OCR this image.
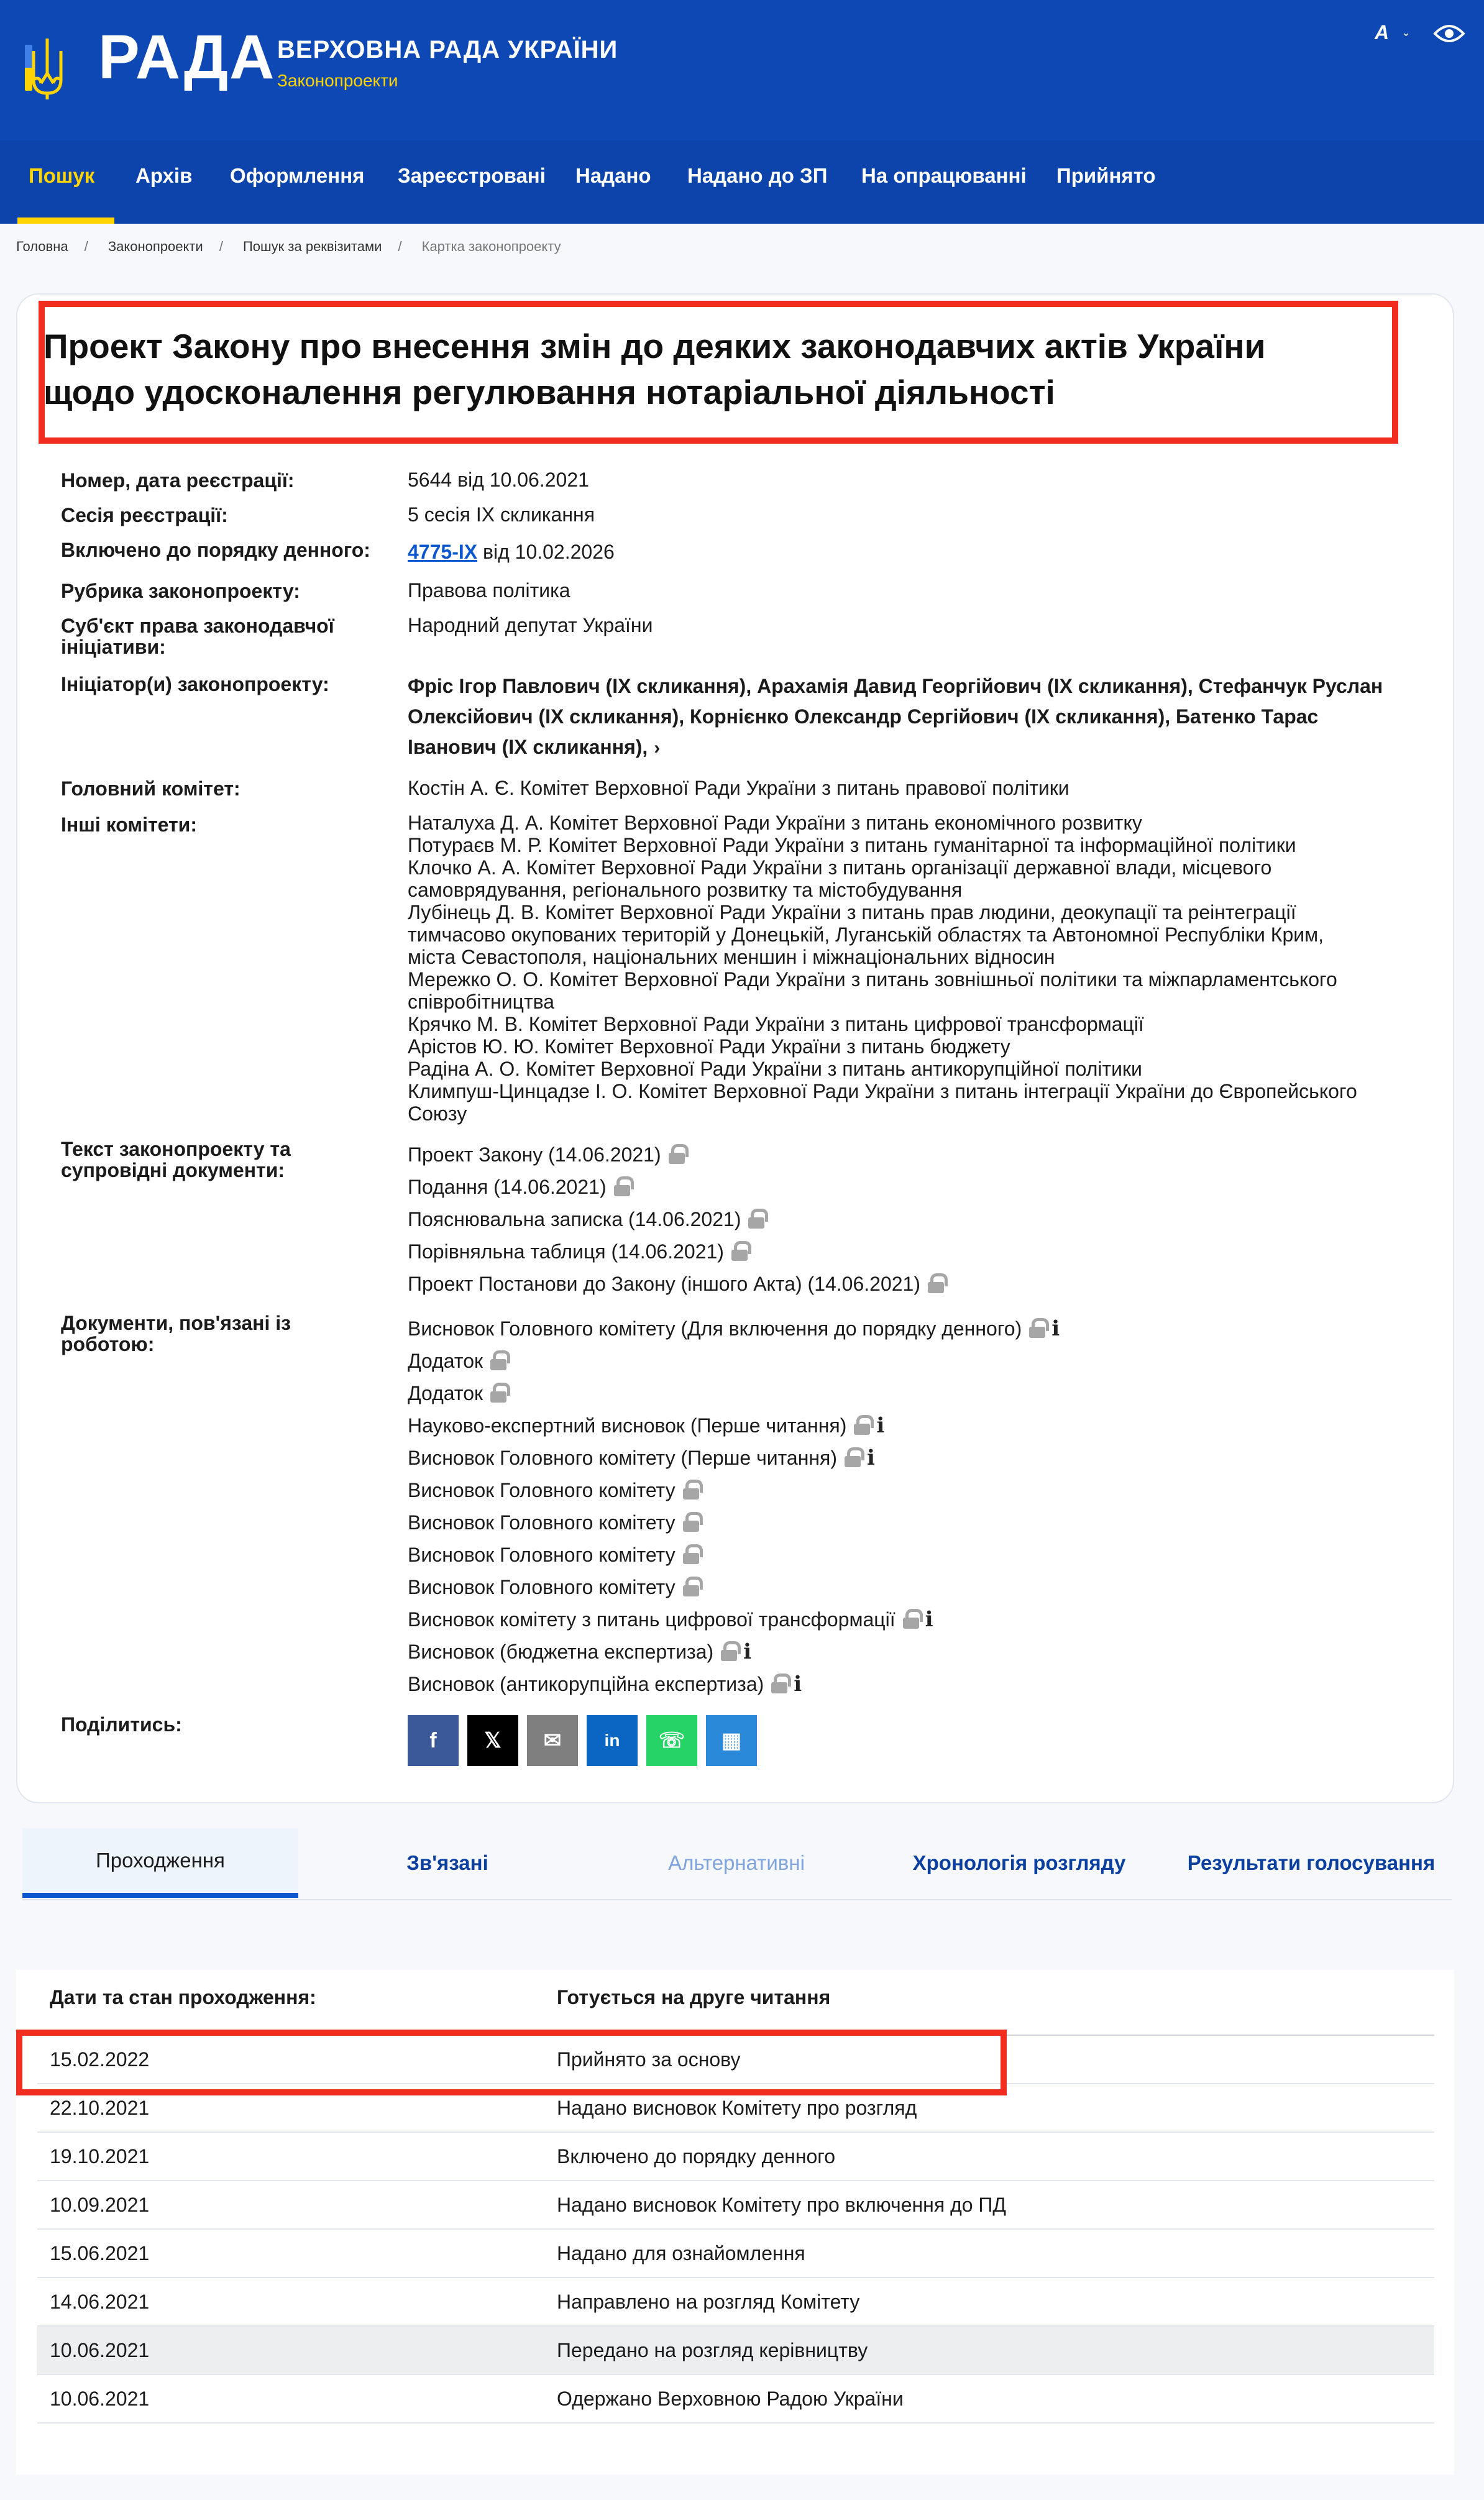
РАДА ВЕРХОВНА РАДА УКРАЇНИ
Законопроекти
A ⌄
Пошук Архів Оформлення Зареєстровані Надано Надано до ЗП На опрацюванні Прийнято
Головна / Законопроекти / Пошук за реквізитами / Картка законопроекту
Проект Закону про внесення змін до деяких законодавчих актів України щодо удосконалення регулювання нотаріальної діяльності
Номер, дата реєстрації:	5644 від 10.06.2021
Сесія реєстрації:	5 сесія IX скликання
Включено до порядку денного:	4775-IX від 10.02.2026
Рубрика законопроекту:	Правова політика
Суб'єкт права законодавчої ініціативи:
Народний депутат України
Ініціатор(и) законопроекту:	Фріс Ігор Павлович (IX скликання), Арахамія Давид Георгійович (IX скликання), Стефанчук Руслан Олексійович (IX скликання), Корнієнко Олександр Сергійович (IX скликання), Батенко Тарас Іванович (IX скликання), ›
Головний комітет:	Костін А. Є. Комітет Верховної Ради України з питань правової політики
Інші комітети:	Наталуха Д. А. Комітет Верховної Ради України з питань економічного розвитку
Потураєв М. Р. Комітет Верховної Ради України з питань гуманітарної та інформаційної політики
Клочко А. А. Комітет Верховної Ради України з питань організації державної влади, місцевого
самоврядування, регіонального розвитку та містобудування
Лубінець Д. В. Комітет Верховної Ради України з питань прав людини, деокупації та реінтеграції
тимчасово окупованих територій у Донецькій, Луганській областях та Автономної Республіки Крим,
міста Севастополя, національних меншин і міжнаціональних відносин
Мережко О. О. Комітет Верховної Ради України з питань зовнішньої політики та міжпарламентського
співробітництва
Крячко М. В. Комітет Верховної Ради України з питань цифрової трансформації
Арістов Ю. Ю. Комітет Верховної Ради України з питань бюджету
Радіна А. О. Комітет Верховної Ради України з питань антикорупційної політики
Климпуш-Цинцадзе І. О. Комітет Верховної Ради України з питань інтеграції України до Європейського
Союзу
Текст законопроекту та супровідні документи:
Проект Закону (14.06.2021)
Подання (14.06.2021)
Пояснювальна записка (14.06.2021)
Порівняльна таблиця (14.06.2021)
Проект Постанови до Закону (іншого Акта) (14.06.2021)
Документи, пов'язані із роботою:
Висновок Головного комітету (Для включення до порядку денного) i
Додаток
Додаток
Науково-експертний висновок (Перше читання) i
Висновок Головного комітету (Перше читання) i
Висновок Головного комітету
Висновок Головного комітету
Висновок Головного комітету
Висновок Головного комітету
Висновок комітету з питань цифрової трансформації i
Висновок (бюджетна експертиза) i
Висновок (антикорупційна експертиза) i
Поділитись:
f	𝕏	✉	in	☏	▦
Проходження	Зв'язані	Альтернативні	Хронологія розгляду	Результати голосування
Дати та стан проходження:	Готується на друге читання
15.02.2022	Прийнято за основу
22.10.2021	Надано висновок Комітету про розгляд
19.10.2021	Включено до порядку денного
10.09.2021	Надано висновок Комітету про включення до ПД
15.06.2021	Надано для ознайомлення
14.06.2021	Направлено на розгляд Комітету
10.06.2021	Передано на розгляд керівництву
10.06.2021	Одержано Верховною Радою України
